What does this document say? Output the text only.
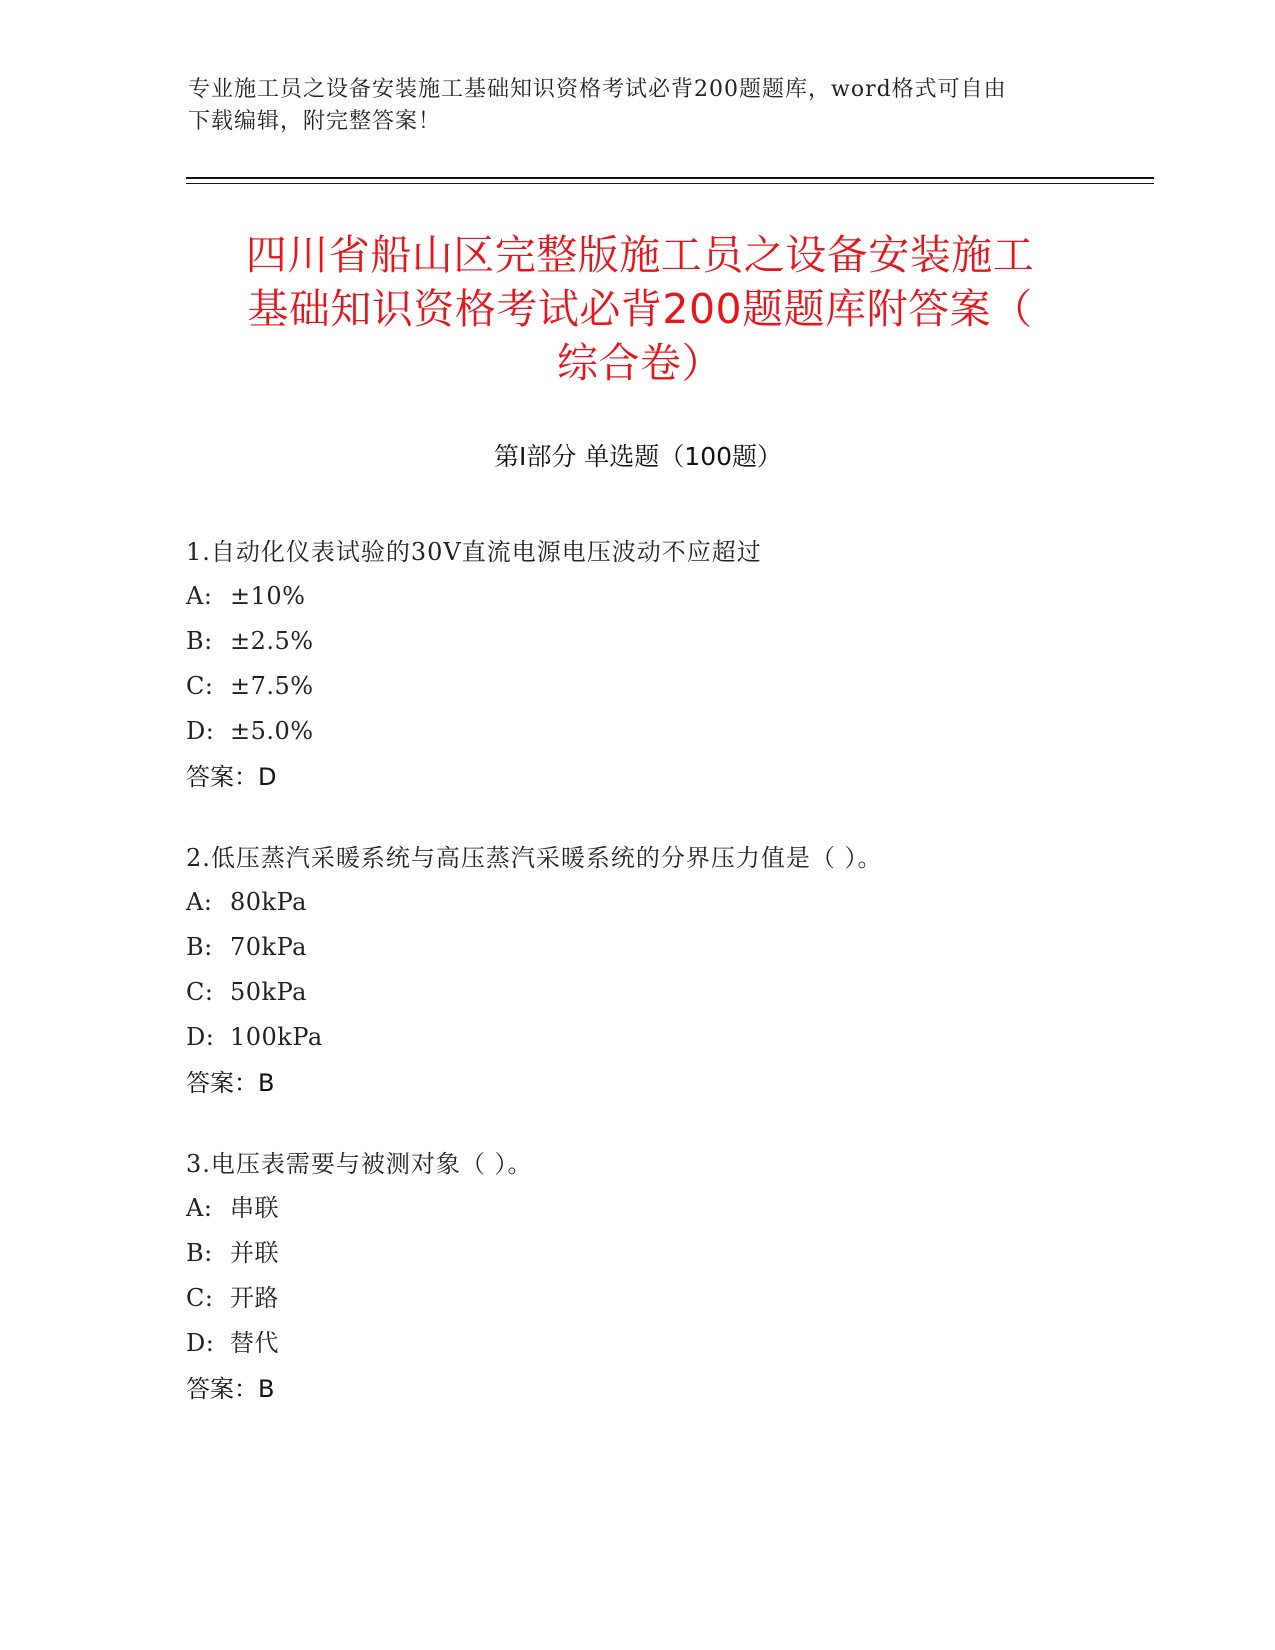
专业施工员之设备安装施工基础知识资格考试必背200题题库，word格式可自由
下载编辑，附完整答案！
四川省船山区完整版施工员之设备安装施工
基础知识资格考试必背200题题库附答案（
综合卷）
第Ⅰ部分 单选题（100题）
1.自动化仪表试验的30V直流电源电压波动不应超过
A: ±10%
B: ±2.5%
C: ±7.5%
D: ±5.0%
答案：D
2.低压蒸汽采暖系统与高压蒸汽采暖系统的分界压力值是（ ）。
A: 80kPa
B: 70kPa
C: 50kPa
D: 100kPa
答案：B
3.电压表需要与被测对象（ ）。
A: 串联
B: 并联
C: 开路
D: 替代
答案：B
